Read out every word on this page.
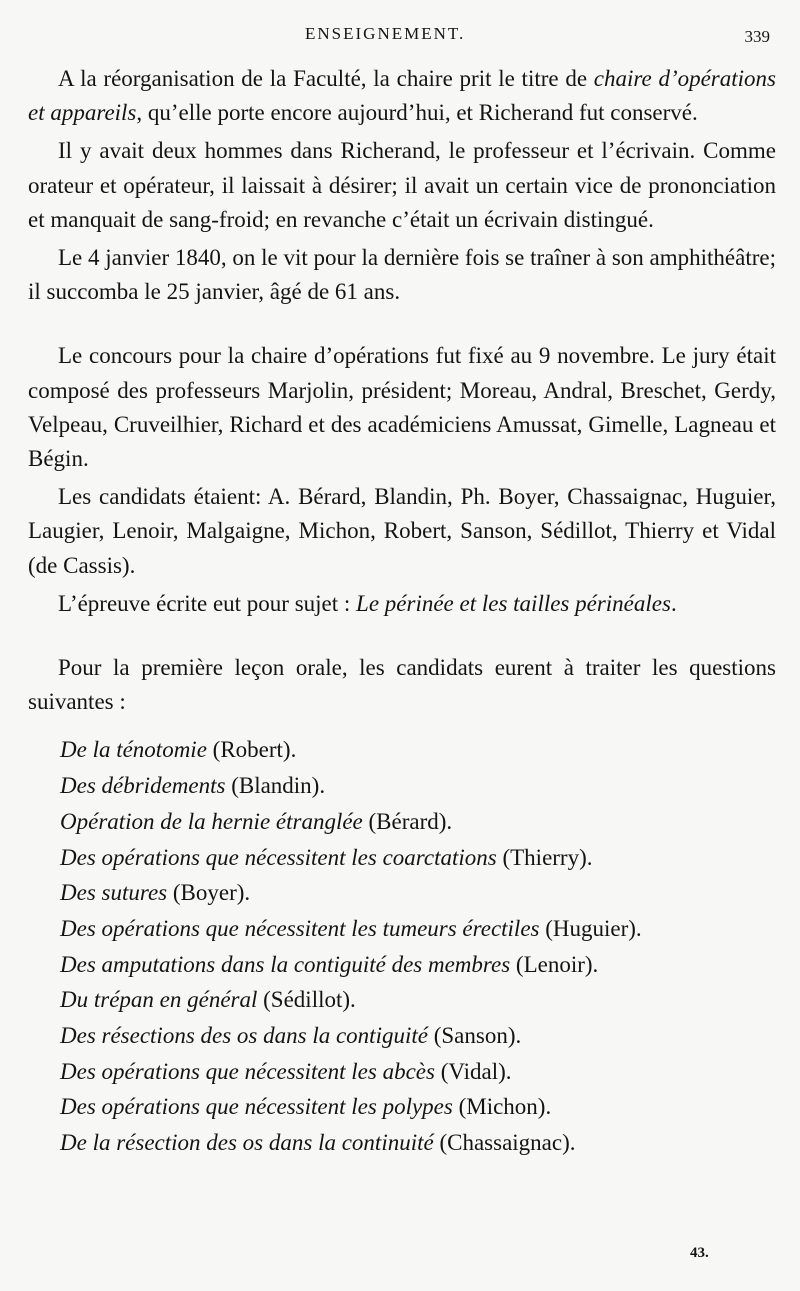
ENSEIGNEMENT.	339

A la réorganisation de la Faculté, la chaire prit le titre de chaire d’opérations et appareils, qu’elle porte encore aujourd’hui, et Richerand fut conservé.

Il y avait deux hommes dans Richerand, le professeur et l’écrivain. Comme orateur et opérateur, il laissait à désirer; il avait un certain vice de prononciation et manquait de sang-froid; en revanche c’était un écrivain distingué.

Le 4 janvier 1840, on le vit pour la dernière fois se traîner à son amphithéâtre; il succomba le 25 janvier, âgé de 61 ans.

Le concours pour la chaire d’opérations fut fixé au 9 novembre. Le jury était composé des professeurs Marjolin, président; Moreau, Andral, Breschet, Gerdy, Velpeau, Cruveilhier, Richard et des académiciens Amussat, Gimelle, Lagneau et Bégin.

Les candidats étaient: A. Bérard, Blandin, Ph. Boyer, Chassaignac, Huguier, Laugier, Lenoir, Malgaigne, Michon, Robert, Sanson, Sédillot, Thierry et Vidal (de Cassis).

L’épreuve écrite eut pour sujet : Le périnée et les tailles périnéales.

Pour la première leçon orale, les candidats eurent à traiter les questions suivantes :

De la ténotomie (Robert).
Des débridements (Blandin).
Opération de la hernie étranglée (Bérard).
Des opérations que nécessitent les coarctations (Thierry).
Des sutures (Boyer).
Des opérations que nécessitent les tumeurs érectiles (Huguier).
Des amputations dans la contiguité des membres (Lenoir).
Du trépan en général (Sédillot).
Des résections des os dans la contiguité (Sanson).
Des opérations que nécessitent les abcès (Vidal).
Des opérations que nécessitent les polypes (Michon).
De la résection des os dans la continuité (Chassaignac).
43.
